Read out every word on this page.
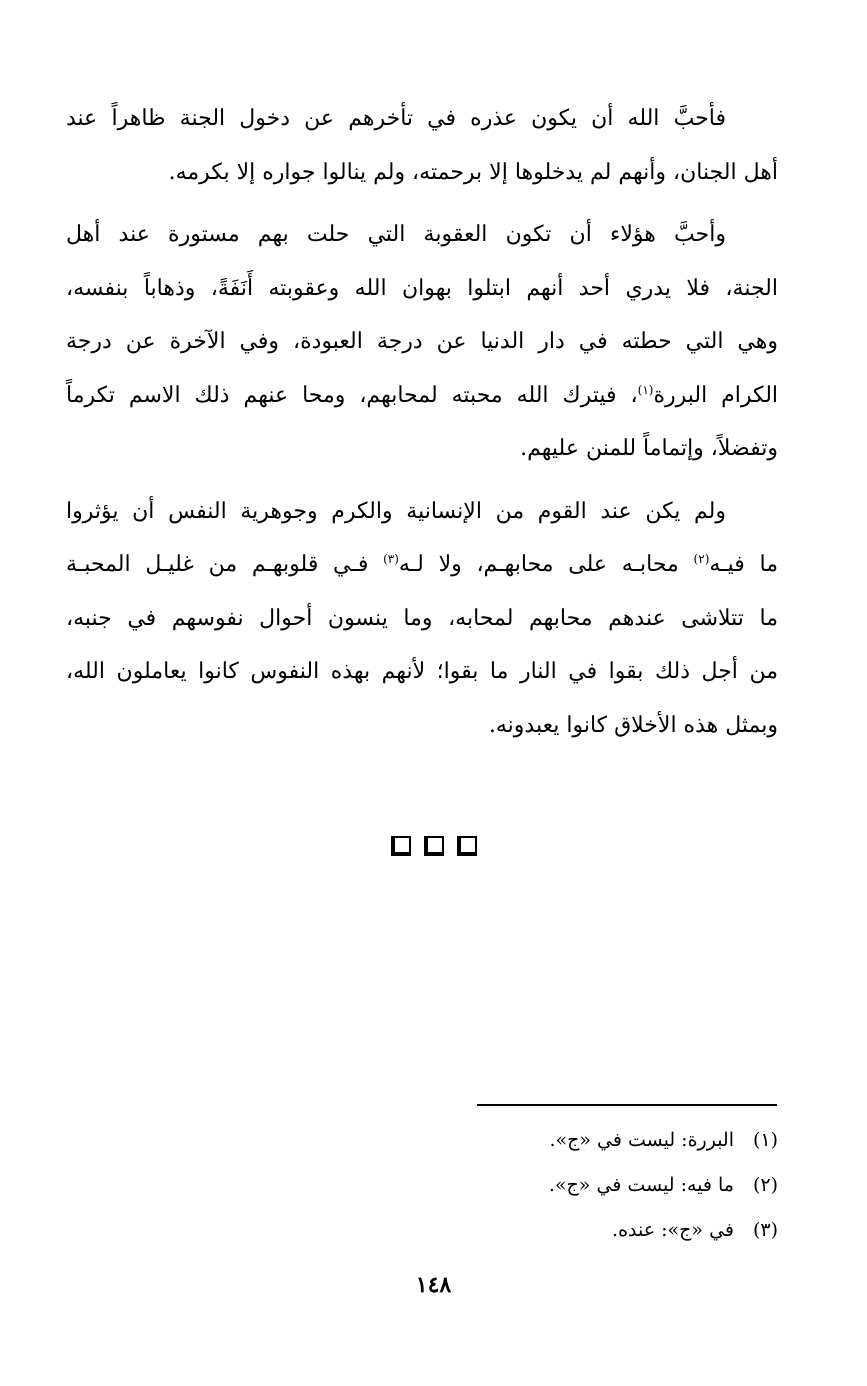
فأحبَّ الله أن يكون عذره في تأخرهم عن دخول الجنة ظاهراً عند
أهل الجنان، وأنهم لم يدخلوها إلا برحمته، ولم ينالوا جواره إلا بكرمه.
وأحبَّ هؤلاء أن تكون العقوبة التي حلت بهم مستورة عند أهل
الجنة، فلا يدري أحد أنهم ابتلوا بهوان الله وعقوبته أَنَفَةً، وذهاباً بنفسه،
وهي التي حطته في دار الدنيا عن درجة العبودة، وفي الآخرة عن درجة
الكرام البررة$^{(١)}$، فيترك الله محبته لمحابهم، ومحا عنهم ذلك الاسم تكرماً
وتفضلاً، وإتماماً للمنن عليهم.
ولم يكن عند القوم من الإنسانية والكرم وجوهرية النفس أن يؤثروا
ما فيـه$^{(٢)}$ محابـه على محابهـم، ولا لـه$^{(٣)}$ فـي قلوبهـم من غليـل المحبـة
ما تتلاشى عندهم محابهم لمحابه، وما ينسون أحوال نفوسهم في جنبه،
من أجل ذلك بقوا في النار ما بقوا؛ لأنهم بهذه النفوس كانوا يعاملون الله،
وبمثل هذه الأخلاق كانوا يعبدونه.
(١)البررة: ليست في «ج».
(٢)ما فيه: ليست في «ج».
(٣)في «ج»: عنده.
١٤٨
